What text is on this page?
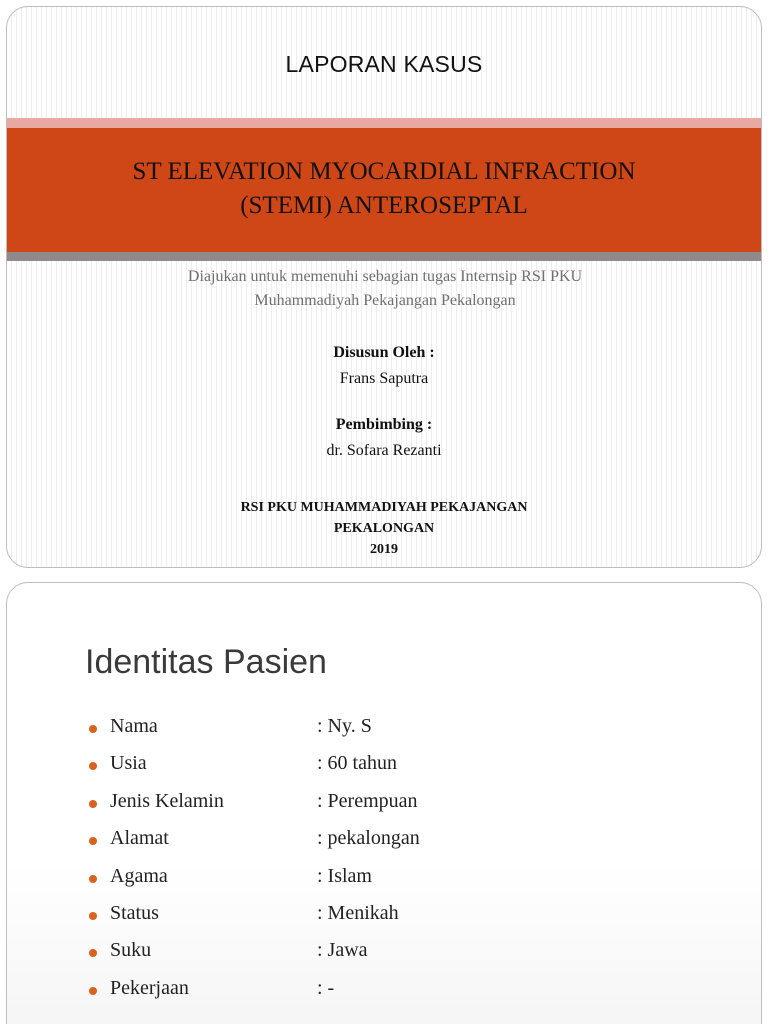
LAPORAN KASUS
ST ELEVATION MYOCARDIAL INFRACTION
(STEMI) ANTEROSEPTAL
Diajukan untuk memenuhi sebagian tugas Internsip RSI PKU
Muhammadiyah Pekajangan Pekalongan
Disusun Oleh :
Frans Saputra
Pembimbing :
dr. Sofara Rezanti
RSI PKU MUHAMMADIYAH PEKAJANGAN
PEKALONGAN
2019
Identitas Pasien
Nama	: Ny. S
Usia	: 60 tahun
Jenis Kelamin	: Perempuan
Alamat	: pekalongan
Agama	: Islam
Status	: Menikah
Suku	: Jawa
Pekerjaan	: -
